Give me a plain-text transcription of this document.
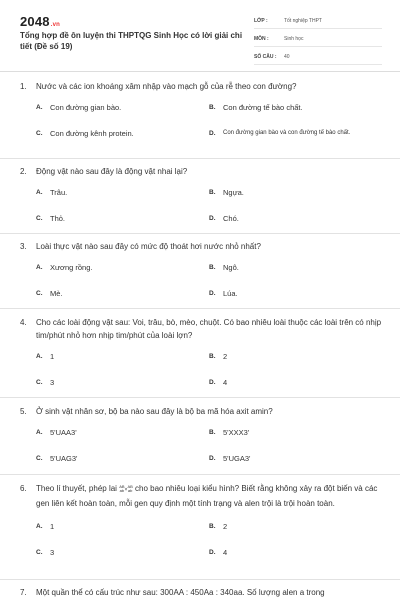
2048.vn
Tổng hợp đề ôn luyện thi THPTQG Sinh Học có lời giải chi tiết (Đề số 19)
LỚP :	Tốt nghiệp THPT
MÔN :	Sinh học
SỐ CÂU :	40
1.	Nước và các ion khoáng xâm nhập vào mạch gỗ của rễ theo con đường?
A.	Con đường gian bào.	B.	Con đường tế bào chất.
C.	Con đường kênh protein.	D.	Con đường gian bào và con đường tế bào chất.
2.	Động vật nào sau đây là động vật nhai lại?
A.	Trâu.	B.	Ngựa.
C.	Thỏ.	D.	Chó.
3.	Loài thực vật nào sau đây có mức độ thoát hơi nước nhỏ nhất?
A.	Xương rồng.	B.	Ngô.
C.	Mè.	D.	Lúa.
4.	Cho các loài động vật sau: Voi, trâu, bò, mèo, chuột. Có bao nhiêu loài thuộc các loài trên có nhịp tim/phút nhỏ hơn nhịp tim/phút của loài lợn?
A.	1	B.	2
C.	3	D.	4
5.	Ở sinh vật nhân sơ, bộ ba nào sau đây là bộ ba mã hóa axit amin?
A.	5'UAA3'	B.	5'XXX3'
C.	5'UAG3'	D.	5'UGA3'
6.	Theo lí thuyết, phép lai AB
ab×AB
ab cho bao nhiêu loại kiểu hình? Biết rằng không xảy ra đột biến và các gen liên kết hoàn toàn, mỗi gen quy định một tính trạng và alen trội là trội hoàn toàn.
A.	1	B.	2
C.	3	D.	4
7.	Một quần thể có cấu trúc như sau: 300AA : 450Aa : 340aa. Số lượng alen a trong
